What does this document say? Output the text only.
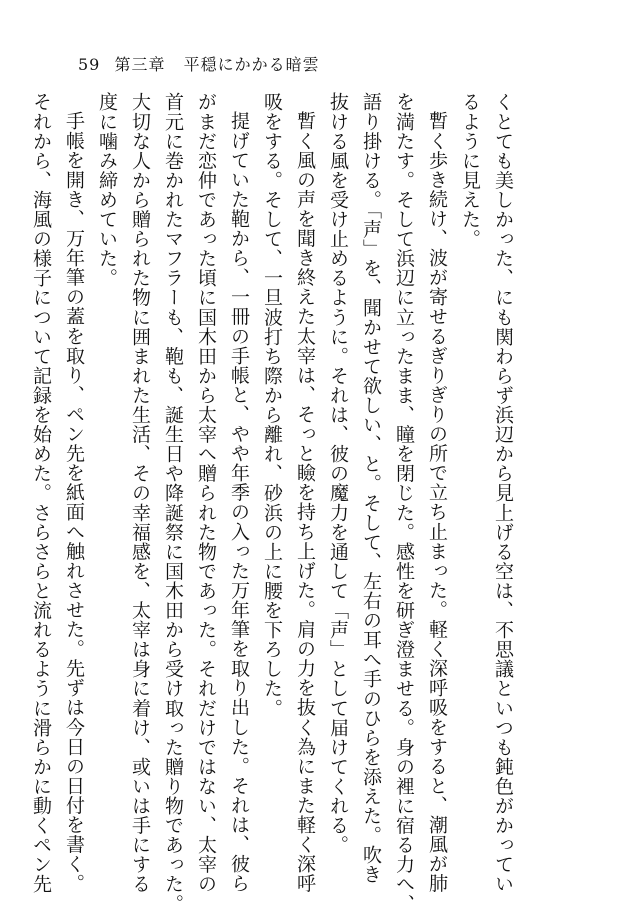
59 第三章 平穏にかかる暗雲
くとても美しかった、にも関わらず浜辺から見上げる空は、不思議といつも鈍色がかってい
るように見えた。
暫く歩き続け、波が寄せるぎりぎりの所で立ち止まった。軽く深呼吸をすると、潮風が肺
を満たす。そして浜辺に立ったまま、瞳を閉じた。感性を研ぎ澄ませる。身の裡に宿る力へ、
語り掛ける。「声」を、聞かせて欲しい、と。そして、左右の耳へ手のひらを添えた。吹き
抜ける風を受け止めるように。それは、彼の魔力を通して「声」として届けてくれる。
暫く風の声を聞き終えた太宰は、そっと瞼を持ち上げた。肩の力を抜く為にまた軽く深呼
吸をする。そして、一旦波打ち際から離れ、砂浜の上に腰を下ろした。
提げていた鞄から、一冊の手帳と、やや年季の入った万年筆を取り出した。それは、彼ら
がまだ恋仲であった頃に国木田から太宰へ贈られた物であった。それだけではない、太宰の
首元に巻かれたマフラーも、鞄も、誕生日や降誕祭に国木田から受け取った贈り物であった。
大切な人から贈られた物に囲まれた生活、その幸福感を、太宰は身に着け、或いは手にする
度に噛み締めていた。
手帳を開き、万年筆の蓋を取り、ペン先を紙面へ触れさせた。先ずは今日の日付を書く。
それから、海風の様子について記録を始めた。さらさらと流れるように滑らかに動くペン先
